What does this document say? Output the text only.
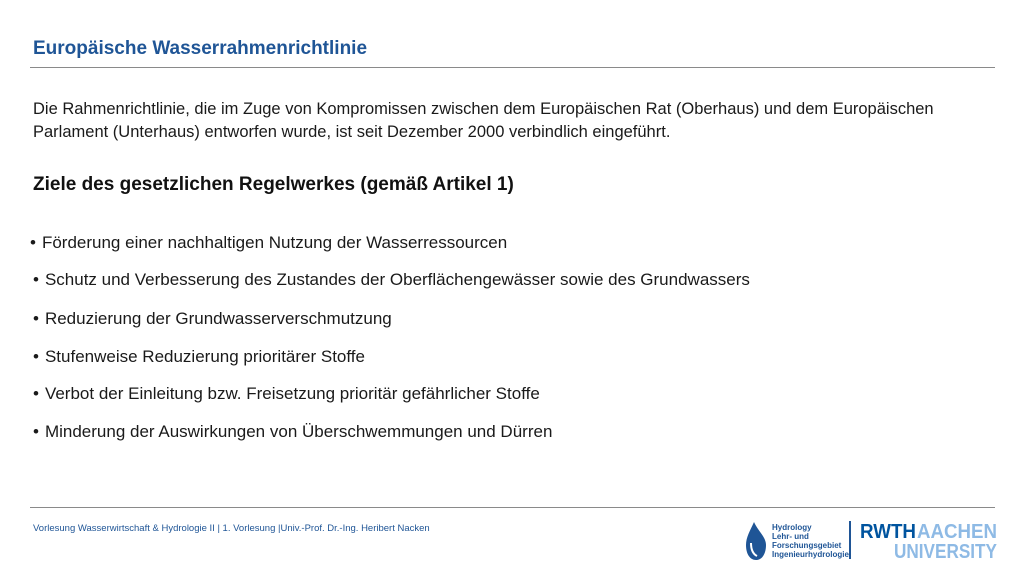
Europäische Wasserrahmenrichtlinie
Die Rahmenrichtlinie, die im Zuge von Kompromissen zwischen dem Europäischen Rat (Oberhaus) und dem Europäischen Parlament (Unterhaus) entworfen wurde, ist seit Dezember 2000 verbindlich eingeführt.
Ziele des gesetzlichen Regelwerkes (gemäß Artikel 1)
• Förderung einer nachhaltigen Nutzung der Wasserressourcen
• Schutz und Verbesserung des Zustandes der Oberflächengewässer sowie des Grundwassers
• Reduzierung der Grundwasserverschmutzung
• Stufenweise Reduzierung prioritärer Stoffe
• Verbot der Einleitung bzw. Freisetzung prioritär gefährlicher Stoffe
• Minderung der Auswirkungen von Überschwemmungen und Dürren
Vorlesung Wasserwirtschaft & Hydrologie II | 1. Vorlesung |Univ.-Prof. Dr.-Ing. Heribert Nacken	Hydrology
Lehr- und
Forschungsgebiet
Ingenieurhydrologie
RWTH AACHEN
UNIVERSITY
